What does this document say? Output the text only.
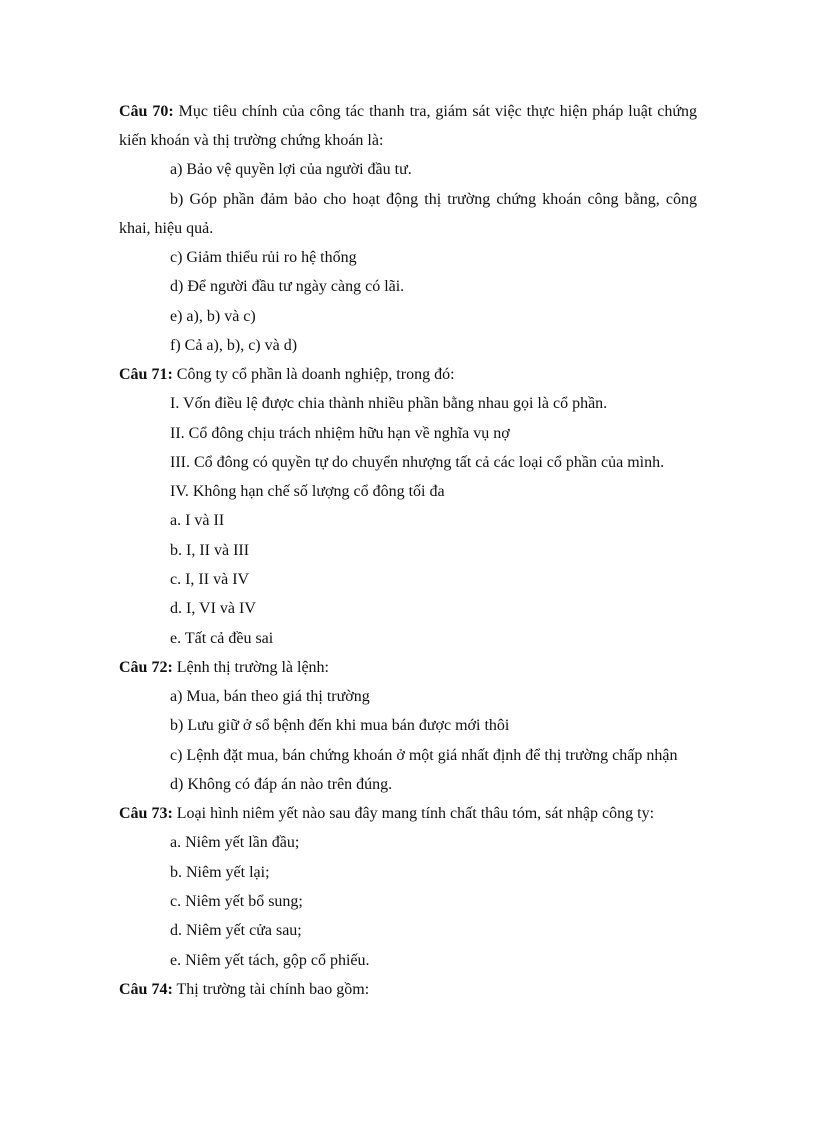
Câu 70: Mục tiêu chính của công tác thanh tra, giám sát việc thực hiện pháp luật chứng
kiến khoán và thị trường chứng khoán là:
a) Bảo vệ quyền lợi của người đầu tư.
b) Góp phần đảm bảo cho hoạt động thị trường chứng khoán công bằng, công
khai, hiệu quả.
c) Giảm thiểu rủi ro hệ thống
d) Để người đầu tư ngày càng có lãi.
e) a), b) và c)
f) Cả a), b), c) và d)
Câu 71: Công ty cổ phần là doanh nghiệp, trong đó:
I. Vốn điều lệ được chia thành nhiều phần bằng nhau gọi là cổ phần.
II. Cổ đông chịu trách nhiệm hữu hạn về nghĩa vụ nợ
III. Cổ đông có quyền tự do chuyển nhượng tất cả các loại cổ phần của mình.
IV. Không hạn chế số lượng cổ đông tối đa
a. I và II
b. I, II và III
c. I, II và IV
d. I, VI và IV
e. Tất cả đều sai
Câu 72: Lệnh thị trường là lệnh:
a) Mua, bán theo giá thị trường
b) Lưu giữ ở sổ bệnh đến khi mua bán được mới thôi
c) Lệnh đặt mua, bán chứng khoán ở một giá nhất định để thị trường chấp nhận
d) Không có đáp án nào trên đúng.
Câu 73: Loại hình niêm yết nào sau đây mang tính chất thâu tóm, sát nhập công ty:
a. Niêm yết lần đầu;
b. Niêm yết lại;
c. Niêm yết bổ sung;
d. Niêm yết cửa sau;
e. Niêm yết tách, gộp cổ phiếu.
Câu 74: Thị trường tài chính bao gồm:
